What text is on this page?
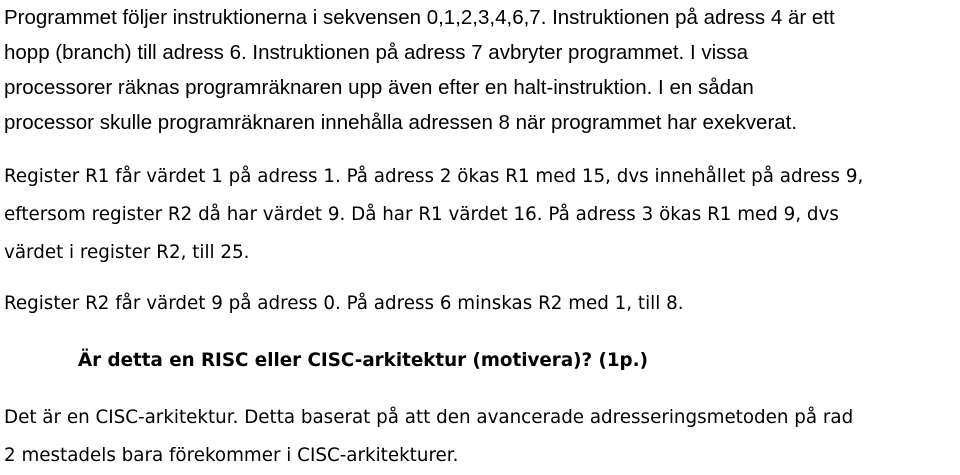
Programmet följer instruktionerna i sekvensen 0,1,2,3,4,6,7. Instruktionen på adress 4 är ett
hopp (branch) till adress 6. Instruktionen på adress 7 avbryter programmet. I vissa
processorer räknas programräknaren upp även efter en halt-instruktion. I en sådan
processor skulle programräknaren innehålla adressen 8 när programmet har exekverat.

Register R1 får värdet 1 på adress 1. På adress 2 ökas R1 med 15, dvs innehållet på adress 9,
eftersom register R2 då har värdet 9. Då har R1 värdet 16. På adress 3 ökas R1 med 9, dvs
värdet i register R2, till 25.

Register R2 får värdet 9 på adress 0. På adress 6 minskas R2 med 1, till 8.

Är detta en RISC eller CISC-arkitektur (motivera)? (1p.)

Det är en CISC-arkitektur. Detta baserat på att den avancerade adresseringsmetoden på rad
2 mestadels bara förekommer i CISC-arkitekturer.
